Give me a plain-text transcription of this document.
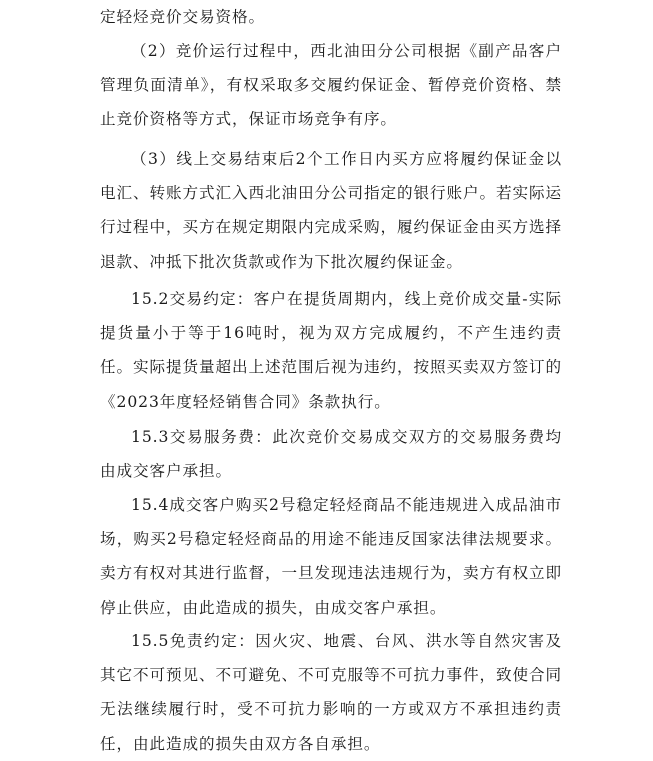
定轻烃竞价交易资格。

（2）竞价运行过程中，西北油田分公司根据《副产品客户管理负面清单》，有权采取多交履约保证金、暂停竞价资格、禁止竞价资格等方式，保证市场竞争有序。

（3）线上交易结束后2个工作日内买方应将履约保证金以电汇、转账方式汇入西北油田分公司指定的银行账户。若实际运行过程中，买方在规定期限内完成采购，履约保证金由买方选择退款、冲抵下批次货款或作为下批次履约保证金。

15.2交易约定：客户在提货周期内，线上竞价成交量-实际提货量小于等于16吨时，视为双方完成履约，不产生违约责任。实际提货量超出上述范围后视为违约，按照买卖双方签订的《2023年度轻烃销售合同》条款执行。

15.3交易服务费：此次竞价交易成交双方的交易服务费均由成交客户承担。

15.4成交客户购买2号稳定轻烃商品不能违规进入成品油市场，购买2号稳定轻烃商品的用途不能违反国家法律法规要求。卖方有权对其进行监督，一旦发现违法违规行为，卖方有权立即停止供应，由此造成的损失，由成交客户承担。

15.5免责约定：因火灾、地震、台风、洪水等自然灾害及其它不可预见、不可避免、不可克服等不可抗力事件，致使合同无法继续履行时，受不可抗力影响的一方或双方不承担违约责任，由此造成的损失由双方各自承担。
